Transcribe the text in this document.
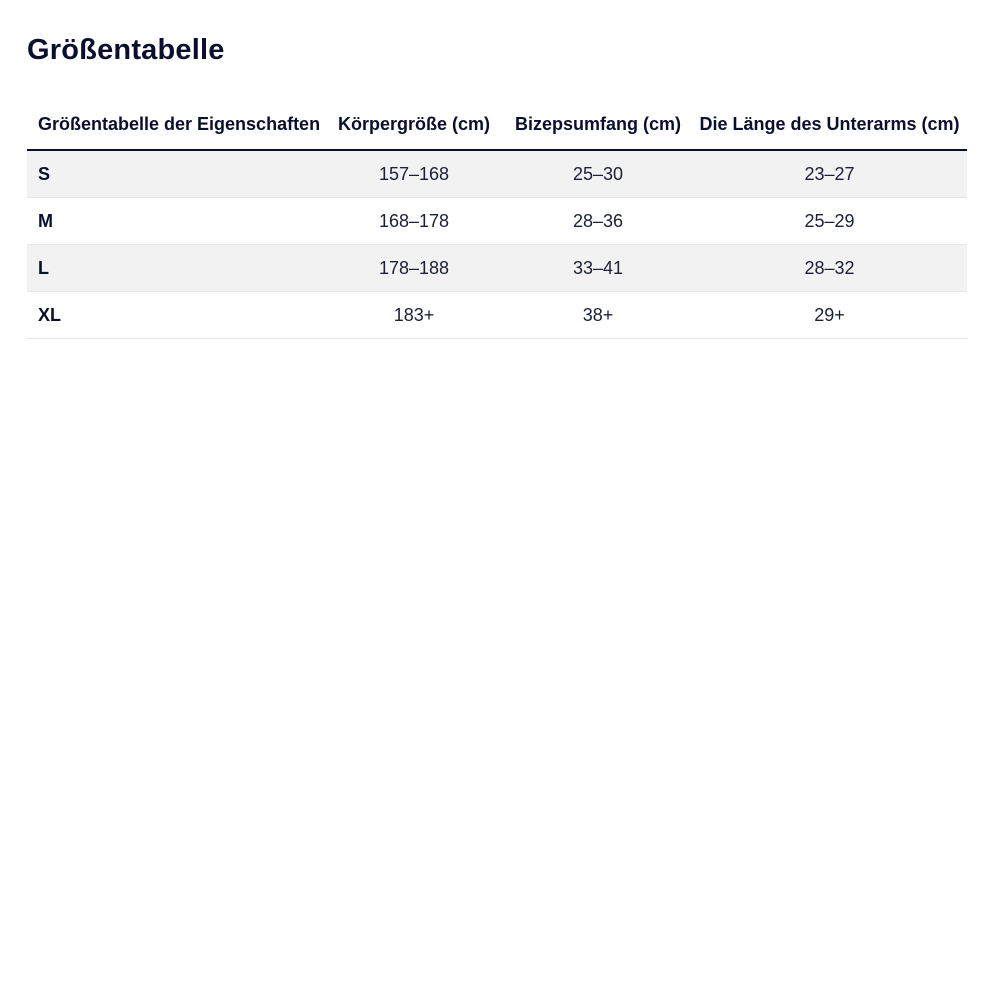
Größentabelle
Größentabelle der Eigenschaften	Körpergröße (cm)	Bizepsumfang (cm)	Die Länge des Unterarms (cm)
S	157–168	25–30	23–27
M	168–178	28–36	25–29
L	178–188	33–41	28–32
XL	183+	38+	29+
